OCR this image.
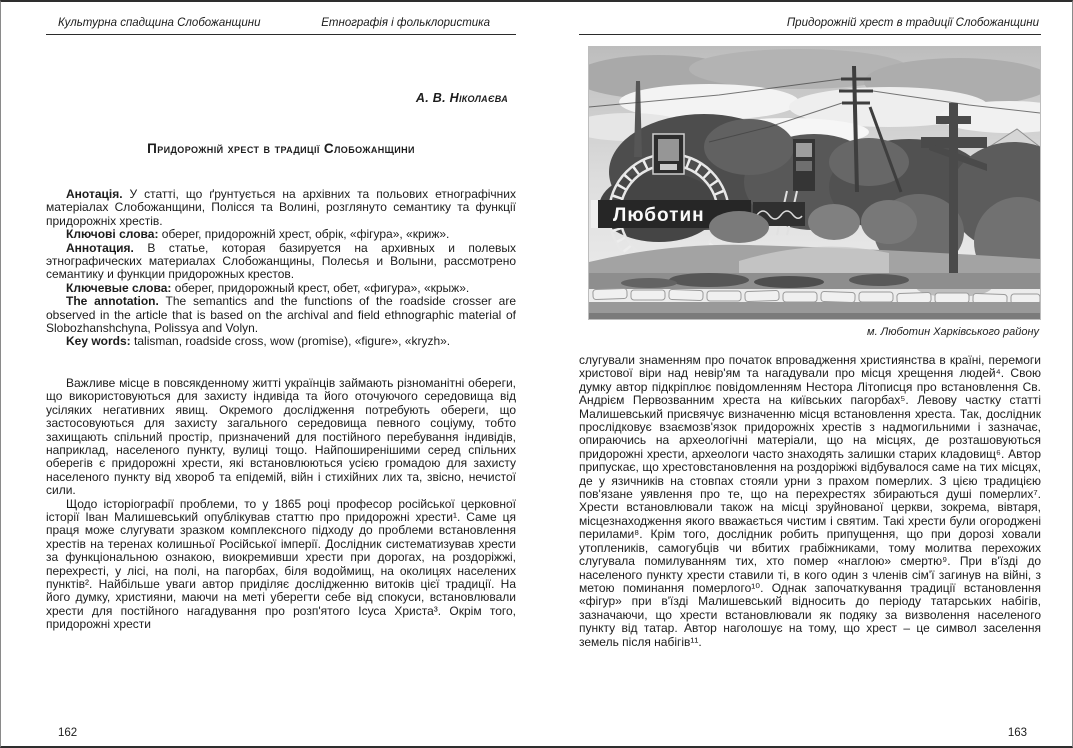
Культурна спадщина Слобожанщини	Етнографія і фольклористика
А. В. Ніколаєва
Придорожній хрест в традиції Слобожанщини

Анотація. У статті, що ґрунтується на архівних та польових етнографічних матеріалах Слобожанщини, Полісся та Волині, розглянуто семантику та функції придорожніх хрестів.

Ключові слова: оберег, придорожній хрест, обрік, «фігура», «криж».

Аннотация. В статье, которая базируется на архивных и полевых этнографических материалах Слобожанщины, Полесья и Волыни, рассмотрено семантику и функции придорожных крестов.

Ключевые слова: оберег, придорожный крест, обет, «фигура», «крыж».

The annotation. The semantics and the functions of the roadside crosser are observed in the article that is based on the archival and field ethnographic material of Slobozhanshchyna, Polissya and Volyn.

Key words: talisman, roadside cross, wow (promise), «figure», «kryzh».

Важливе місце в повсякденному житті українців займають різноманітні обереги, що використовуються для захисту індивіда та його оточуючого середовища від усіляких негативних явищ. Окремого дослідження потребують обереги, що застосовуються для захисту загального середовища певного соціуму, тобто захищають спільний простір, призначений для постійного перебування індивідів, наприклад, населеного пункту, вулиці тощо. Найпоширенішими серед спільних оберегів є придорожні хрести, які встановлюються усією громадою для захисту населеного пункту від хвороб та епідемій, війн і стихійних лих та, звісно, нечистої сили.

Щодо історіографії проблеми, то у 1865 році професор російської церковної історії Іван Малишевський опублікував статтю про придорожні хрести¹. Саме ця праця може слугувати зразком комплексного підходу до проблеми встановлення хрестів на теренах колишньої Російської імперії. Дослідник систематизував хрести за функціональною ознакою, виокремивши хрести при дорогах, на роздоріжжі, перехресті, у лісі, на полі, на пагорбах, біля водоймищ, на околицях населених пунктів². Найбільше уваги автор приділяє дослідженню витоків цієї традиції. На його думку, християни, маючи на меті уберегти себе від спокуси, встановлювали хрести для постійного нагадування про розп'ятого Ісуса Христа³. Окрім того, придорожні хрести

162
Придорожній хрест в традиції Слобожанщини
Люботин
м. Люботин Харківського району

слугували знаменням про початок впровадження християнства в країні, перемоги христової віри над невір'ям та нагадували про місця хрещення людей⁴. Свою думку автор підкріплює повідомленням Нестора Літописця про встановлення Св. Андрієм Первозванним хреста на київських пагорбах⁵. Левову частку статті Малишевський присвячує визначенню місця встановлення хреста. Так, дослідник прослідковує взаємозв'язок придорожніх хрестів з надмогильними і зазначає, опираючись на археологічні матеріали, що на місцях, де розташовуються придорожні хрести, археологи часто знаходять залишки старих кладовищ⁶. Автор припускає, що хрестовстановлення на роздоріжжі відбувалося саме на тих місцях, де у язичників на стовпах стояли урни з прахом померлих. З цією традицією пов'язане уявлення про те, що на перехрестях збираються душі померлих⁷. Хрести встановлювали також на місці зруйнованої церкви, зокрема, вівтаря, місцезнаходження якого вважається чистим і святим. Такі хрести були огороджені перилами⁸. Крім того, дослідник робить припущення, що при дорозі ховали утоплеників, самогубців чи вбитих грабіжниками, тому молитва перехожих слугувала помилуванням тих, хто помер «наглою» смертю⁹. При в'їзді до населеного пункту хрести ставили ті, в кого один з членів сім'ї загинув на війні, з метою поминання померлого¹⁰. Однак започаткування традиції встановлення «фігур» при в'їзді Малишевський відносить до періоду татарських набігів, зазначаючи, що хрести встановлювали як подяку за визволення населеного пункту від татар. Автор наголошує на тому, що хрест – це символ заселення земель після набігів¹¹.

163
